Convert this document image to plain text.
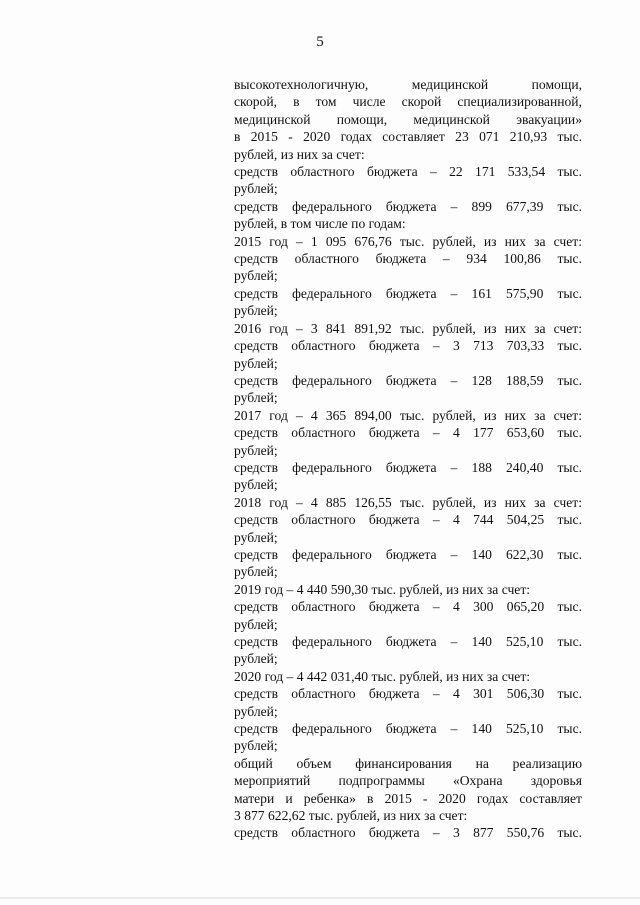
5
высокотехнологичную, медицинской помощи,
скорой, в том числе скорой специализированной,
медицинской помощи, медицинской эвакуации»
в 2015 - 2020 годах составляет 23 071 210,93 тыс.
рублей, из них за счет:
средств областного бюджета – 22 171 533,54 тыс.
рублей;
средств федерального бюджета – 899 677,39 тыс.
рублей, в том числе по годам:
2015 год – 1 095 676,76 тыс. рублей, из них за счет:
средств областного бюджета – 934 100,86 тыс.
рублей;
средств федерального бюджета – 161 575,90 тыс.
рублей;
2016 год – 3 841 891,92 тыс. рублей, из них за счет:
средств областного бюджета – 3 713 703,33 тыс.
рублей;
средств федерального бюджета – 128 188,59 тыс.
рублей;
2017 год – 4 365 894,00 тыс. рублей, из них за счет:
средств областного бюджета – 4 177 653,60 тыс.
рублей;
средств федерального бюджета – 188 240,40 тыс.
рублей;
2018 год – 4 885 126,55 тыс. рублей, из них за счет:
средств областного бюджета – 4 744 504,25 тыс.
рублей;
средств федерального бюджета – 140 622,30 тыс.
рублей;
2019 год – 4 440 590,30 тыс. рублей, из них за счет:
средств областного бюджета – 4 300 065,20 тыс.
рублей;
средств федерального бюджета – 140 525,10 тыс.
рублей;
2020 год – 4 442 031,40 тыс. рублей, из них за счет:
средств областного бюджета – 4 301 506,30 тыс.
рублей;
средств федерального бюджета – 140 525,10 тыс.
рублей;
общий объем финансирования на реализацию
мероприятий подпрограммы «Охрана здоровья
матери и ребенка» в 2015 - 2020 годах составляет
3 877 622,62 тыс. рублей, из них за счет:
средств областного бюджета – 3 877 550,76 тыс.
